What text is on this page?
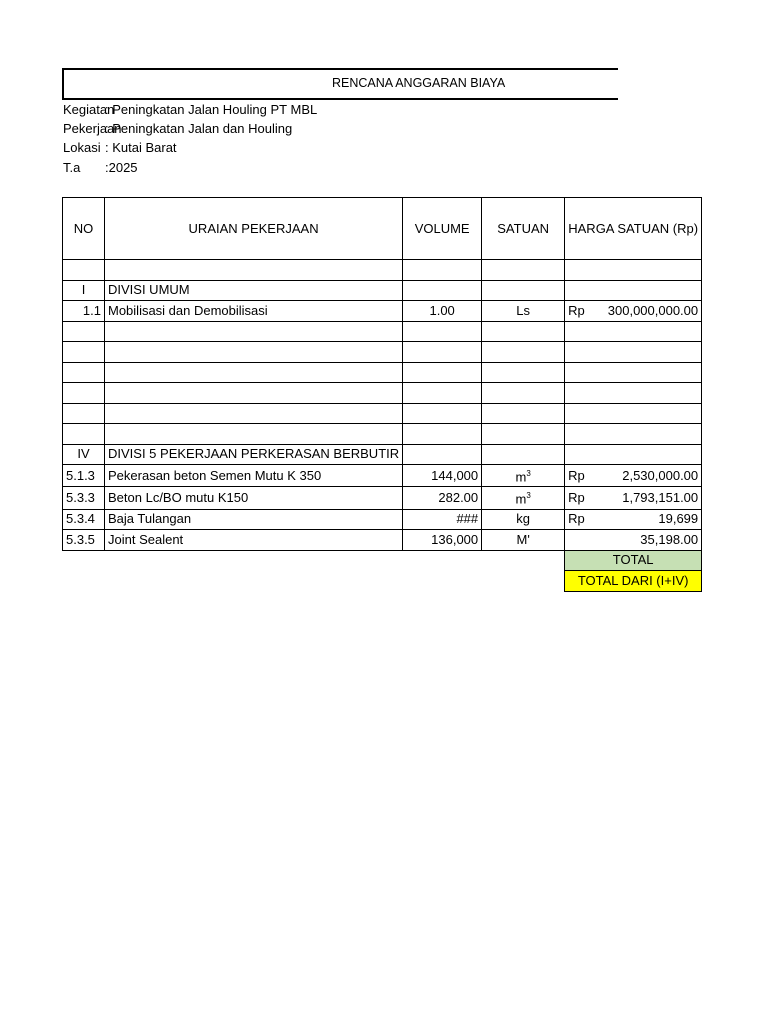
RENCANA ANGGARAN BIAYA
Kegiatan: Peningkatan Jalan Houling PT MBL
Pekerjaan: Peningkatan Jalan dan Houling
Lokasi : Kutai Barat
T.a :2025
NO	URAIAN PEKERJAAN	VOLUME	SATUAN	HARGA SATUAN (Rp)

I	DIVISI UMUM			

1.1	Mobilisasi dan Demobilisasi	1.00	Ls	Rp 300,000,000.00

IV	DIVISI 5 PEKERJAAN PERKERASAN BERBUTIR			

5.1.3	Pekerasan beton Semen Mutu K 350	144,000	$m^3$	Rp 2,530,000.00

5.3.3	Beton Lc/BO mutu K150	282.00	$m^3$	Rp 1,793,151.00

5.3.4	Baja Tulangan	###	kg	Rp 19,699

5.3.5	Joint Sealent	136,000	M'	35,198.00

				TOTAL
				TOTAL DARI (I+IV)
